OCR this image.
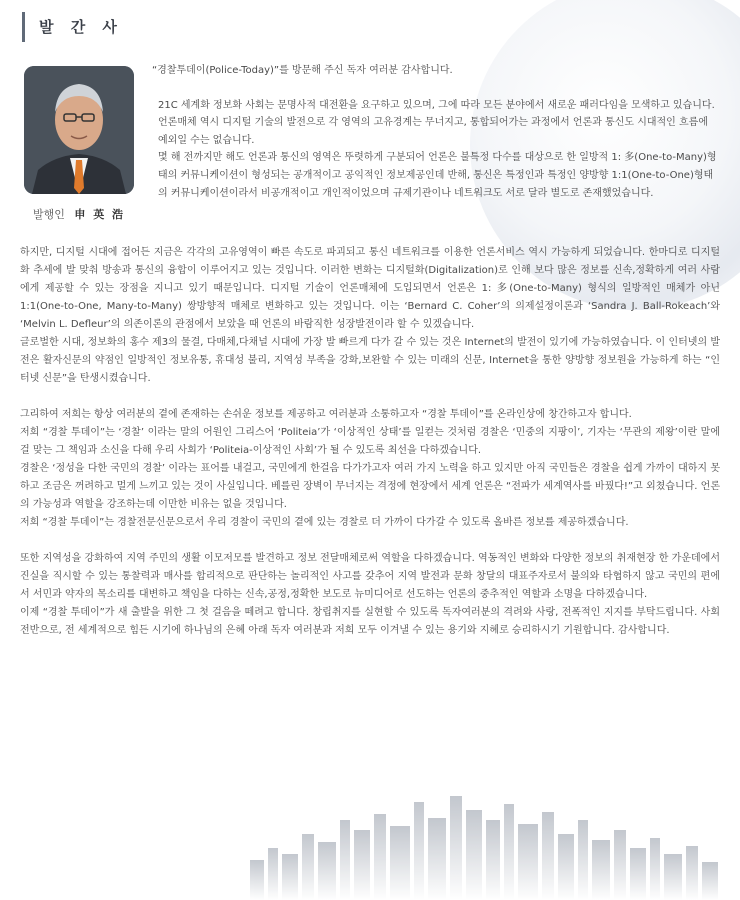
발 간 사
발행인 申 英 浩

“경찰투데이(Police-Today)”를 방문해 주신 독자 여러분 감사합니다.

21C 세계화 정보화 사회는 문명사적 대전환을 요구하고 있으며, 그에 따라 모든 분야에서 새로운 패러다임을 모색하고 있습니다. 언론매체 역시 디지털 기술의 발전으로 각 영역의 고유경계는 무너지고, 통합되어가는 과정에서 언론과 통신도 시대적인 흐름에 예외일 수는 없습니다.

몇 해 전까지만 해도 언론과 통신의 영역은 뚜렷하게 구분되어 언론은 불특정 다수를 대상으로 한 일방적 1: 多(One-to-Many)형태의 커뮤니케이션이 형성되는 공개적이고 공익적인 정보제공인데 반해, 통신은 특정인과 특정인 양방향 1:1(One-to-One)형태의 커뮤니케이션이라서 비공개적이고 개인적이었으며 규제기관이나 네트워크도 서로 달라 별도로 존재했었습니다.

하지만, 디지털 시대에 접어든 지금은 각각의 고유영역이 빠른 속도로 파괴되고 통신 네트워크를 이용한 언론서비스 역시 가능하게 되었습니다. 한마디로 디지털화 추세에 발 맞춰 방송과 통신의 융합이 이루어지고 있는 것입니다. 이러한 변화는 디지털화(Digitalization)로 인해 보다 많은 정보를 신속,정확하게 여러 사람에게 제공할 수 있는 장점을 지니고 있기 때문입니다. 디지털 기술이 언론매체에 도입되면서 언론은 1: 多(One-to-Many) 형식의 일방적인 매체가 아닌 1:1(One-to-One, Many-to-Many) 쌍방향적 매체로 변화하고 있는 것입니다. 이는 ‘Bernard C. Coher’의 의제설정이론과 ‘Sandra J. Ball-Rokeach’와 ‘Melvin L. Defleur’의 의존이론의 관점에서 보았을 때 언론의 바람직한 성장발전이라 할 수 있겠습니다.

글로벌한 시대, 정보화의 홍수 제3의 물결, 다매체,다채널 시대에 가장 발 빠르게 다가 갈 수 있는 것은 Internet의 발전이 있기에 가능하였습니다. 이 인터넷의 발전은 활자신문의 약점인 일방적인 정보유통, 휴대성 불리, 지역성 부족을 강화,보완할 수 있는 미래의 신문, Internet을 통한 양방향 정보원을 가능하게 하는 “인터넷 신문”을 탄생시켰습니다.

그리하여 저희는 항상 여러분의 곁에 존재하는 손쉬운 정보를 제공하고 여러분과 소통하고자 “경찰 투데이”를 온라인상에 창간하고자 합니다.

저희 “경찰 투데이”는 ‘경찰’ 이라는 말의 어원인 그리스어 ‘Politeia’가 ‘이상적인 상태’를 일컫는 것처럼 경찰은 ‘민중의 지팡이’, 기자는 ‘무관의 제왕’이란 말에 걸 맞는 그 책임과 소신을 다해 우리 사회가 ‘Politeia-이상적인 사회’가 될 수 있도록 최선을 다하겠습니다.

경찰은 ‘정성을 다한 국민의 경찰’ 이라는 표어를 내걸고, 국민에게 한걸음 다가가고자 여러 가지 노력을 하고 있지만 아직 국민들은 경찰을 쉽게 가까이 대하지 못하고 조금은 꺼려하고 멀게 느끼고 있는 것이 사실입니다. 베를린 장벽이 무너지는 격정에 현장에서 세계 언론은 “전파가 세계역사를 바꿨다!”고 외쳤습니다. 언론의 가능성과 역할을 강조하는데 이만한 비유는 없을 것입니다.

저희 “경찰 투데이”는 경찰전문신문으로서 우리 경찰이 국민의 곁에 있는 경찰로 더 가까이 다가갈 수 있도록 올바른 정보를 제공하겠습니다.

또한 지역성을 강화하여 지역 주민의 생활 이모저모를 발견하고 정보 전달매체로써 역할을 다하겠습니다. 역동적인 변화와 다양한 정보의 취재현장 한 가운데에서 진실을 직시할 수 있는 통찰력과 매사를 합리적으로 판단하는 놀리적인 사고를 갖추어 지역 발전과 문화 창달의 대표주자로서 불의와 타협하지 않고 국민의 편에서 서민과 약자의 목소리를 대변하고 책임을 다하는 신속,공정,정확한 보도로 뉴미디어로 선도하는 언론의 중추적인 역할과 소명을 다하겠습니다.

이제 “경찰 투데이”가 새 출발을 위한 그 첫 걸음을 떼려고 합니다. 창립취지를 실현할 수 있도록 독자여러분의 격려와 사랑, 전폭적인 지지를 부탁드립니다. 사회 전반으로, 전 세계적으로 힘든 시기에 하나님의 은혜 아래 독자 여러분과 저희 모두 이겨낼 수 있는 용기와 지혜로 승리하시기 기원합니다. 감사합니다.
